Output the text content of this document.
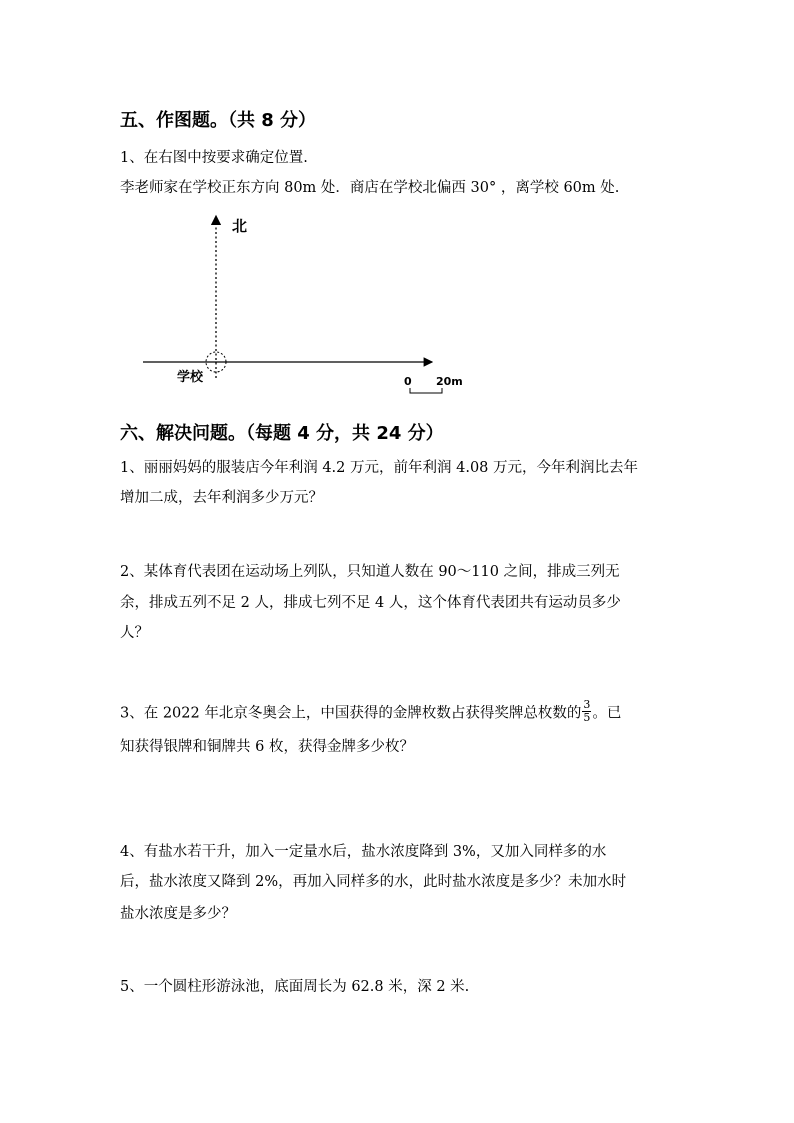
五、作图题。（共 8 分）
1、在右图中按要求确定位置.
李老师家在学校正东方向 80m 处．商店在学校北偏西 30° ，离学校 60m 处.
北
学校	0 20m
六、解决问题。（每题 4 分，共 24 分）
1、丽丽妈妈的服装店今年利润 4.2 万元，前年利润 4.08 万元，今年利润比去年
增加二成，去年利润多少万元？
2、某体育代表团在运动场上列队，只知道人数在 90～110 之间，排成三列无
余，排成五列不足 2 人，排成七列不足 4 人，这个体育代表团共有运动员多少
人？
3、在 2022 年北京冬奥会上，中国获得的金牌枚数占获得奖牌总枚数的 $\frac{3}{5}$ 。已
知获得银牌和铜牌共 6 枚，获得金牌多少枚？
4、有盐水若干升，加入一定量水后，盐水浓度降到 3%，又加入同样多的水
后，盐水浓度又降到 2%，再加入同样多的水，此时盐水浓度是多少？未加水时
盐水浓度是多少？
5、一个圆柱形游泳池，底面周长为 62.8 米，深 2 米.
